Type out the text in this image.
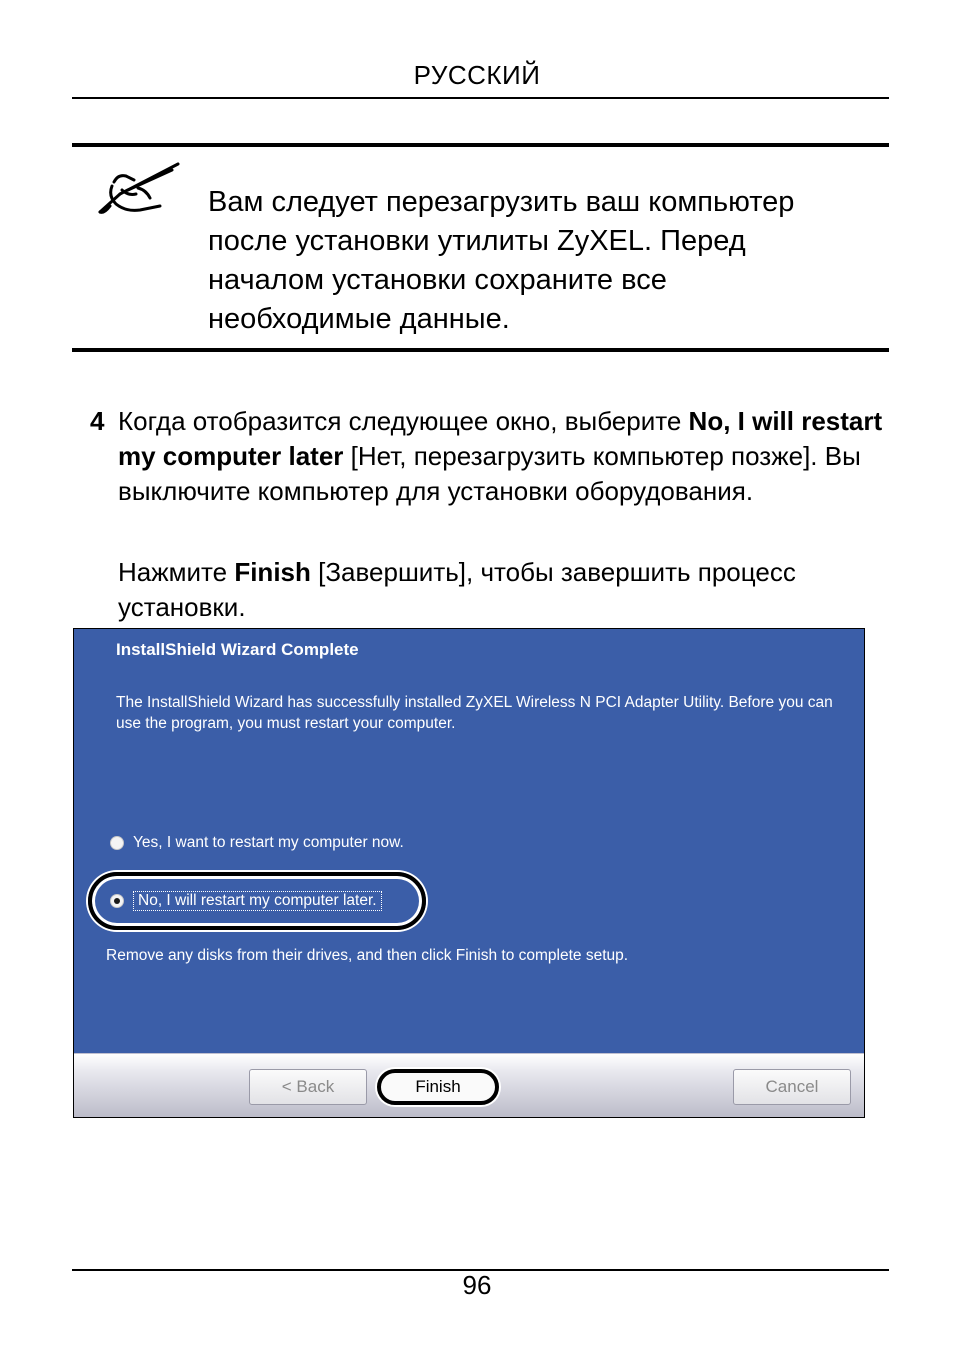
РУССКИЙ
Вам следует перезагрузить ваш компьютер
после установки утилиты ZyXEL. Перед
началом установки сохраните все
необходимые данные.
4 Когда отобразится следующее окно, выберите No, I will restart my computer later [Нет, перезагрузить компьютер позже]. Вы выключите компьютер для установки оборудования.
Нажмите Finish [Завершить], чтобы завершить процесс установки.
InstallShield Wizard Complete
The InstallShield Wizard has successfully installed ZyXEL Wireless N PCI Adapter Utility. Before you can use the program, you must restart your computer.
Yes, I want to restart my computer now.
No, I will restart my computer later.
Remove any disks from their drives, and then click Finish to complete setup.
< Back	Finish	Cancel
96
